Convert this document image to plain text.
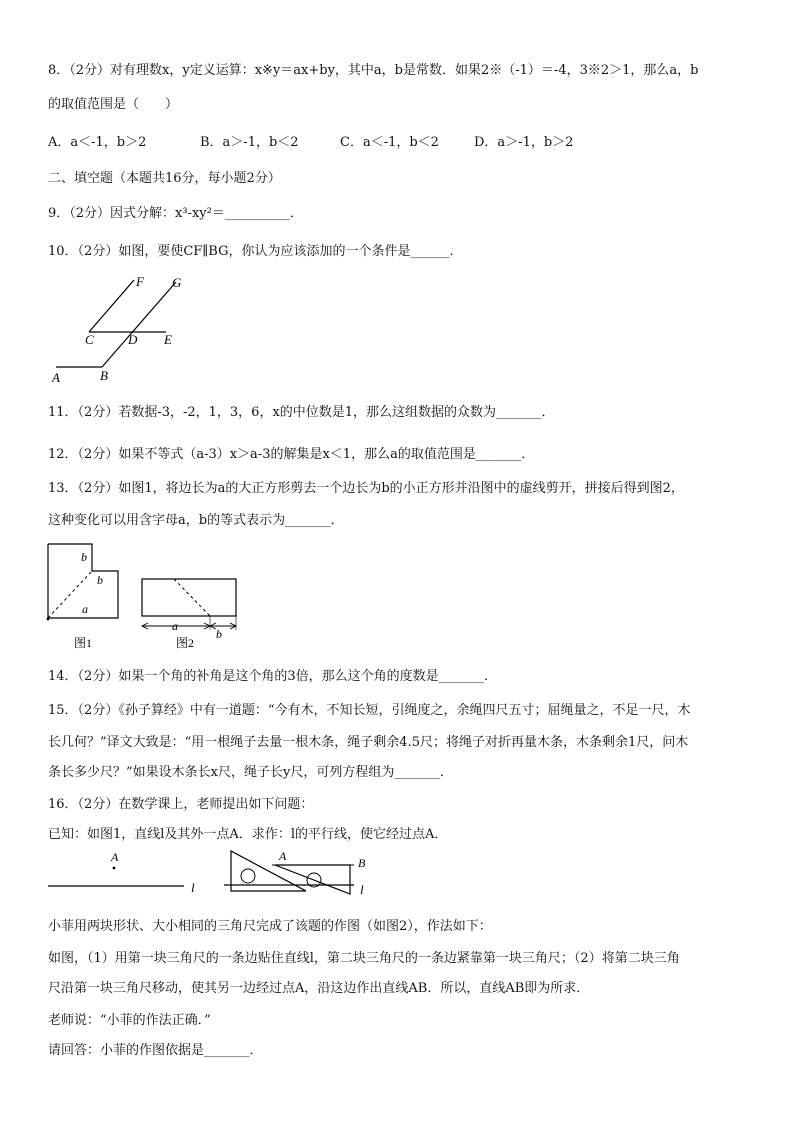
8．（2分）对有理数x，y定义运算：x※y＝ax+by，其中a，b是常数．如果2※（-1）＝-4，3※2＞1，那么a，b
的取值范围是（　　）
A．a＜-1，b＞2	B．a＞-1，b＜2	C．a＜-1，b＜2	D．a＞-1，b＞2
二、填空题（本题共16分，每小题2分）
9．（2分）因式分解：x³-xy²＝__________．
10．（2分）如图，要使CF∥BG，你认为应该添加的一个条件是______．
F G
C	D E
A	B
11．（2分）若数据-3，-2，1，3，6，x的中位数是1，那么这组数据的众数为_______．
12．（2分）如果不等式（a-3）x＞a-3的解集是x＜1，那么a的取值范围是_______．
13．（2分）如图1，将边长为a的大正方形剪去一个边长为b的小正方形并沿图中的虚线剪开，拼接后得到图2，
这种变化可以用含字母a，b的等式表示为_______．
b
b
a
a
b
图1	图2
14．（2分）如果一个角的补角是这个角的3倍，那么这个角的度数是_______．
15．（2分）《孙子算经》中有一道题：“今有木，不知长短，引绳度之，余绳四尺五寸；屈绳量之，不足一尺，木
长几何？”译文大致是：“用一根绳子去量一根木条，绳子剩余4.5尺；将绳子对折再量木条，木条剩余1尺，问木
条长多少尺？”如果设木条长x尺，绳子长y尺，可列方程组为_______．
16．（2分）在数学课上，老师提出如下问题：
已知：如图1，直线l及其外一点A．求作：l的平行线，使它经过点A．
A
l
A	B
l
小菲用两块形状、大小相同的三角尺完成了该题的作图（如图2），作法如下：
如图，（1）用第一块三角尺的一条边贴住直线l，第二块三角尺的一条边紧靠第一块三角尺；（2）将第二块三角
尺沿第一块三角尺移动，使其另一边经过点A，沿这边作出直线AB．所以，直线AB即为所求．
老师说：“小菲的作法正确．”
请回答：小菲的作图依据是_______．
